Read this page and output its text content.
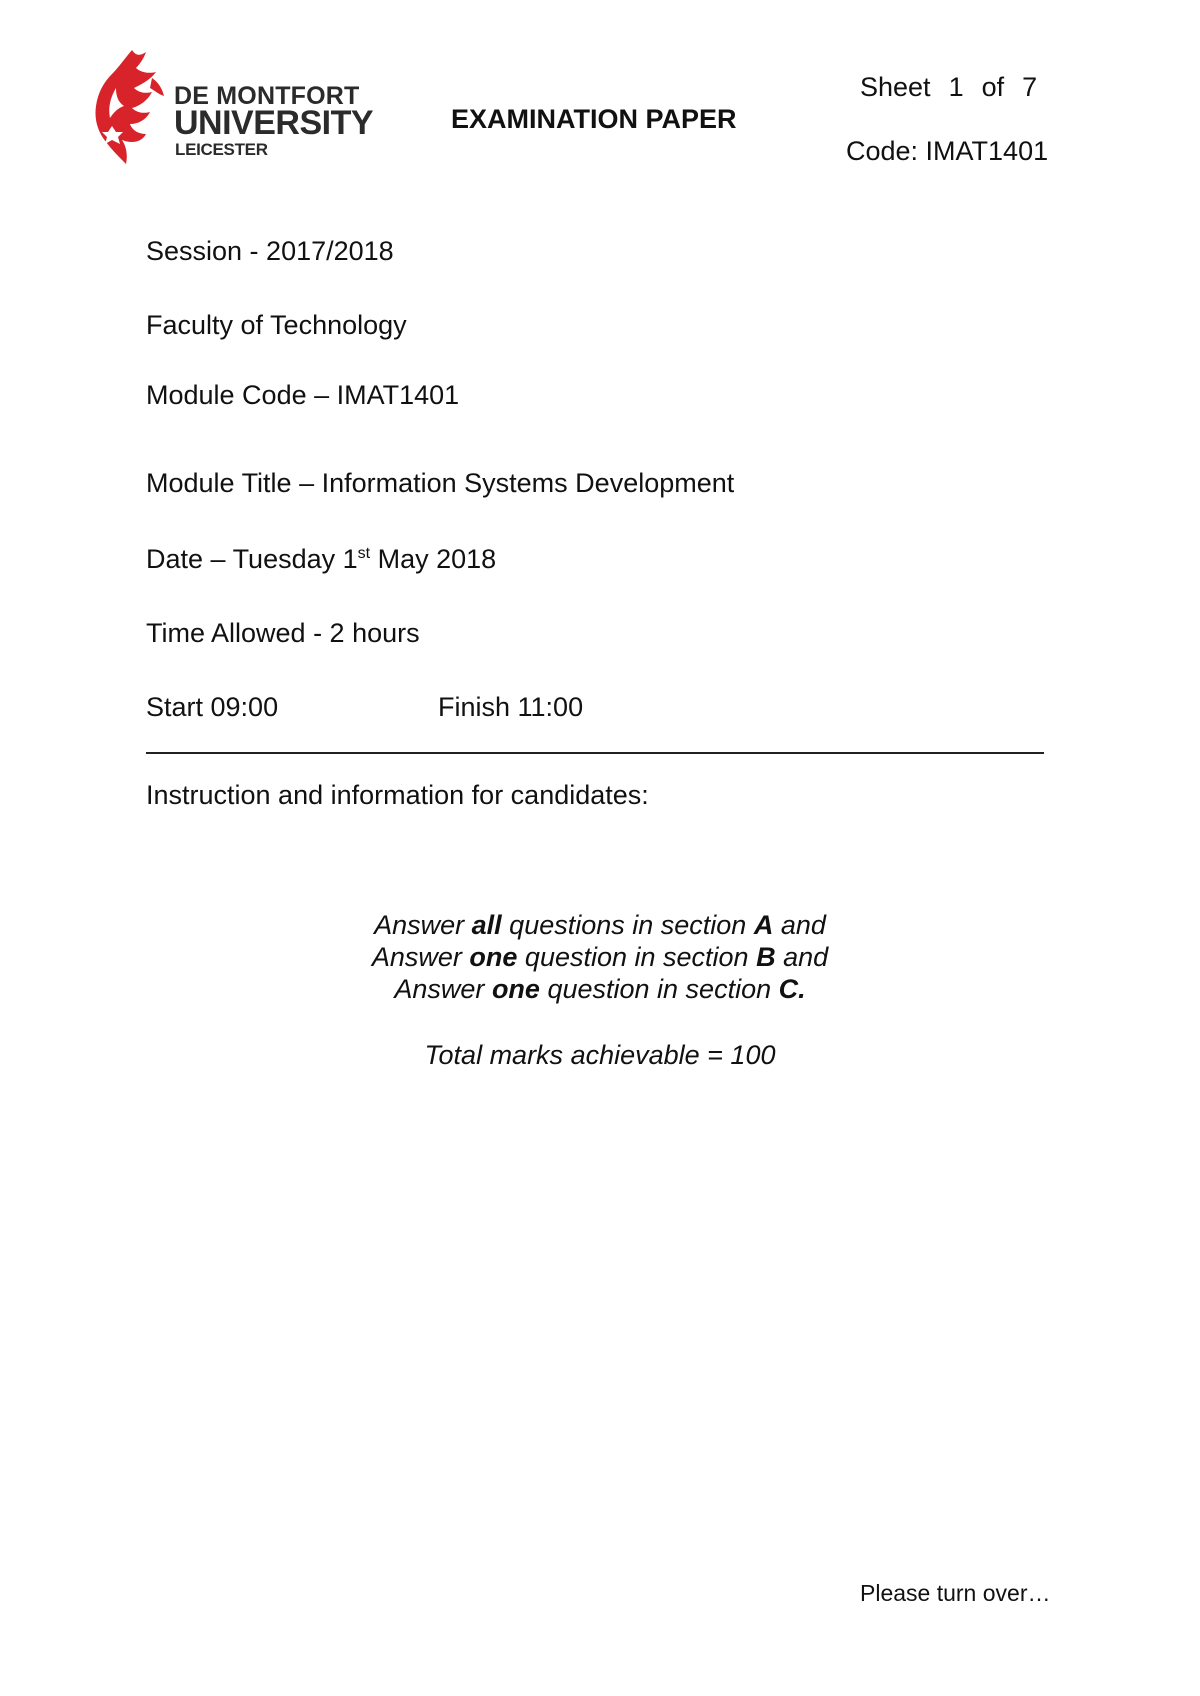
DE MONTFORT
UNIVERSITY
LEICESTER
EXAMINATION PAPER
Sheet 1 of 7
Code: IMAT1401
Session - 2017/2018
Faculty of Technology
Module Code – IMAT1401
Module Title – Information Systems Development
Date – Tuesday 1st May 2018
Time Allowed - 2 hours
Start 09:00	Finish 11:00
Instruction and information for candidates:
Answer all questions in section A and
Answer one question in section B and
Answer one question in section C.
Total marks achievable = 100
Please turn over…
